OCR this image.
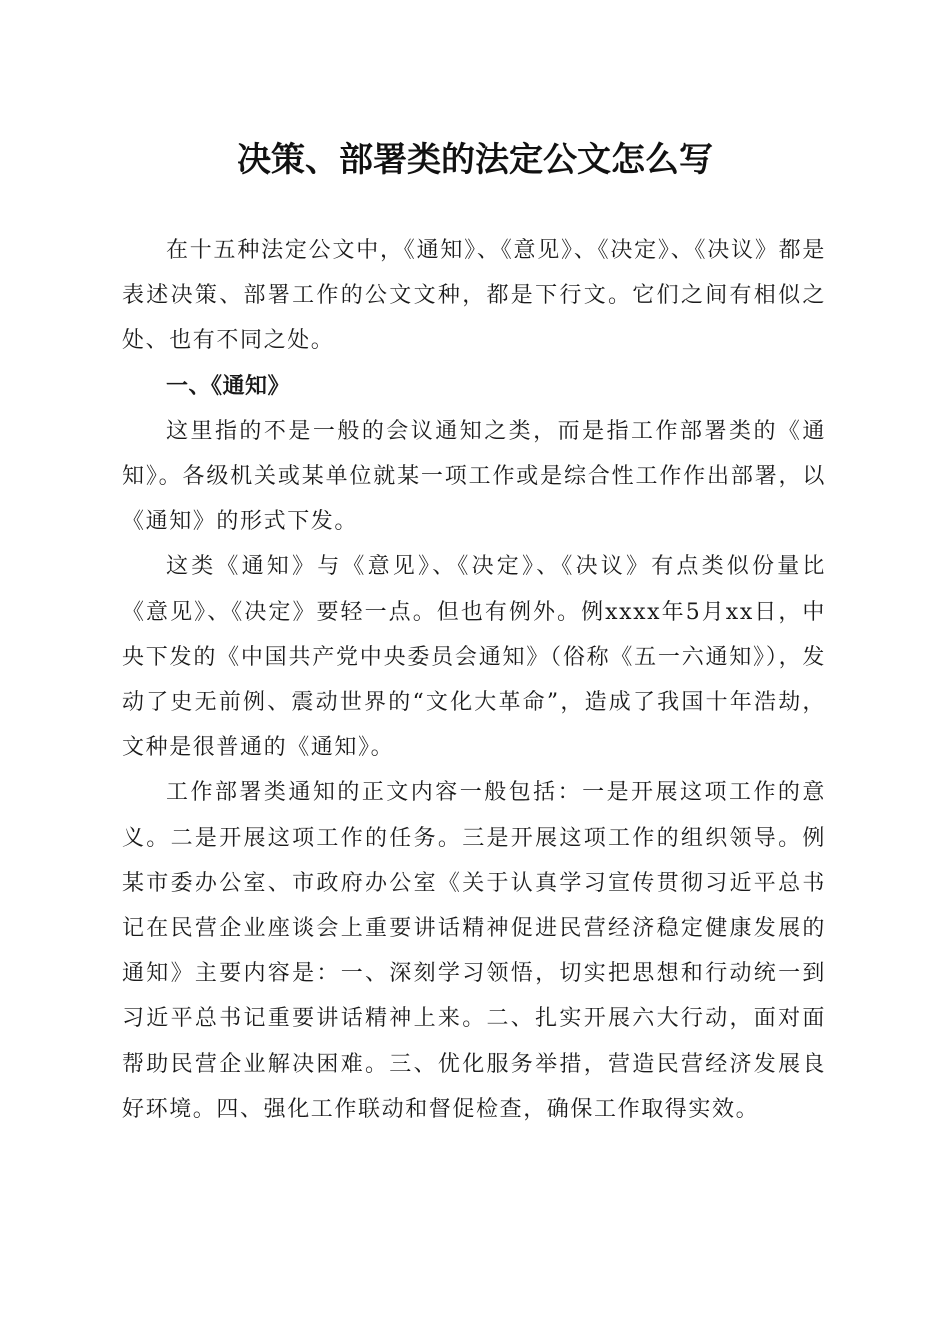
决策、部署类的法定公文怎么写

在十五种法定公文中，《通知》、《意见》、《决定》、《决议》都是表述决策、部署工作的公文文种，都是下行文。它们之间有相似之处、也有不同之处。

一、《通知》

这里指的不是一般的会议通知之类，而是指工作部署类的《通知》。各级机关或某单位就某一项工作或是综合性工作作出部署，以《通知》的形式下发。

这类《通知》与《意见》、《决定》、《决议》有点类似份量比《意见》、《决定》要轻一点。但也有例外。例xxxx年5月xx日，中央下发的《中国共产党中央委员会通知》（俗称《五一六通知》），发动了史无前例、震动世界的“文化大革命”，造成了我国十年浩劫，文种是很普通的《通知》。

工作部署类通知的正文内容一般包括：一是开展这项工作的意义。二是开展这项工作的任务。三是开展这项工作的组织领导。例某市委办公室、市政府办公室《关于认真学习宣传贯彻习近平总书记在民营企业座谈会上重要讲话精神促进民营经济稳定健康发展的通知》主要内容是：一、深刻学习领悟，切实把思想和行动统一到习近平总书记重要讲话精神上来。二、扎实开展六大行动，面对面帮助民营企业解决困难。三、优化服务举措，营造民营经济发展良好环境。四、强化工作联动和督促检查，确保工作取得实效。
